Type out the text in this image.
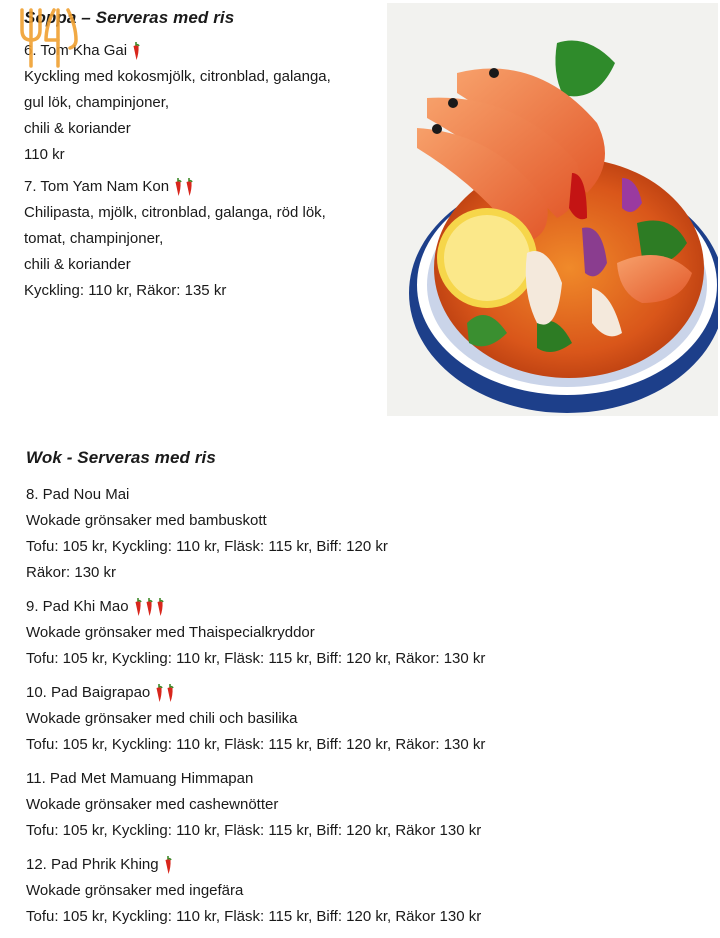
Soppa – Serveras med ris
6. Tom Kha Gai
Kyckling med kokosmjölk, citronblad, galanga,
gul lök, champinjoner,
chili & koriander
110 kr
7. Tom Yam Nam Kon
Chilipasta, mjölk, citronblad, galanga, röd lök,
tomat, champinjoner,
chili & koriander
Kyckling: 110 kr, Räkor: 135 kr
Wok - Serveras med ris
8. Pad Nou Mai
Wokade grönsaker med bambuskott
Tofu: 105 kr, Kyckling: 110 kr, Fläsk: 115 kr, Biff: 120 kr
Räkor: 130 kr
9. Pad Khi Mao
Wokade grönsaker med Thaispecialkryddor
Tofu: 105 kr, Kyckling: 110 kr, Fläsk: 115 kr, Biff: 120 kr, Räkor: 130 kr
10. Pad Baigrapao
Wokade grönsaker med chili och basilika
Tofu: 105 kr, Kyckling: 110 kr, Fläsk: 115 kr, Biff: 120 kr, Räkor: 130 kr
11. Pad Met Mamuang Himmapan
Wokade grönsaker med cashewnötter
Tofu: 105 kr, Kyckling: 110 kr, Fläsk: 115 kr, Biff: 120 kr, Räkor 130 kr
12. Pad Phrik Khing
Wokade grönsaker med ingefära
Tofu: 105 kr, Kyckling: 110 kr, Fläsk: 115 kr, Biff: 120 kr, Räkor 130 kr
